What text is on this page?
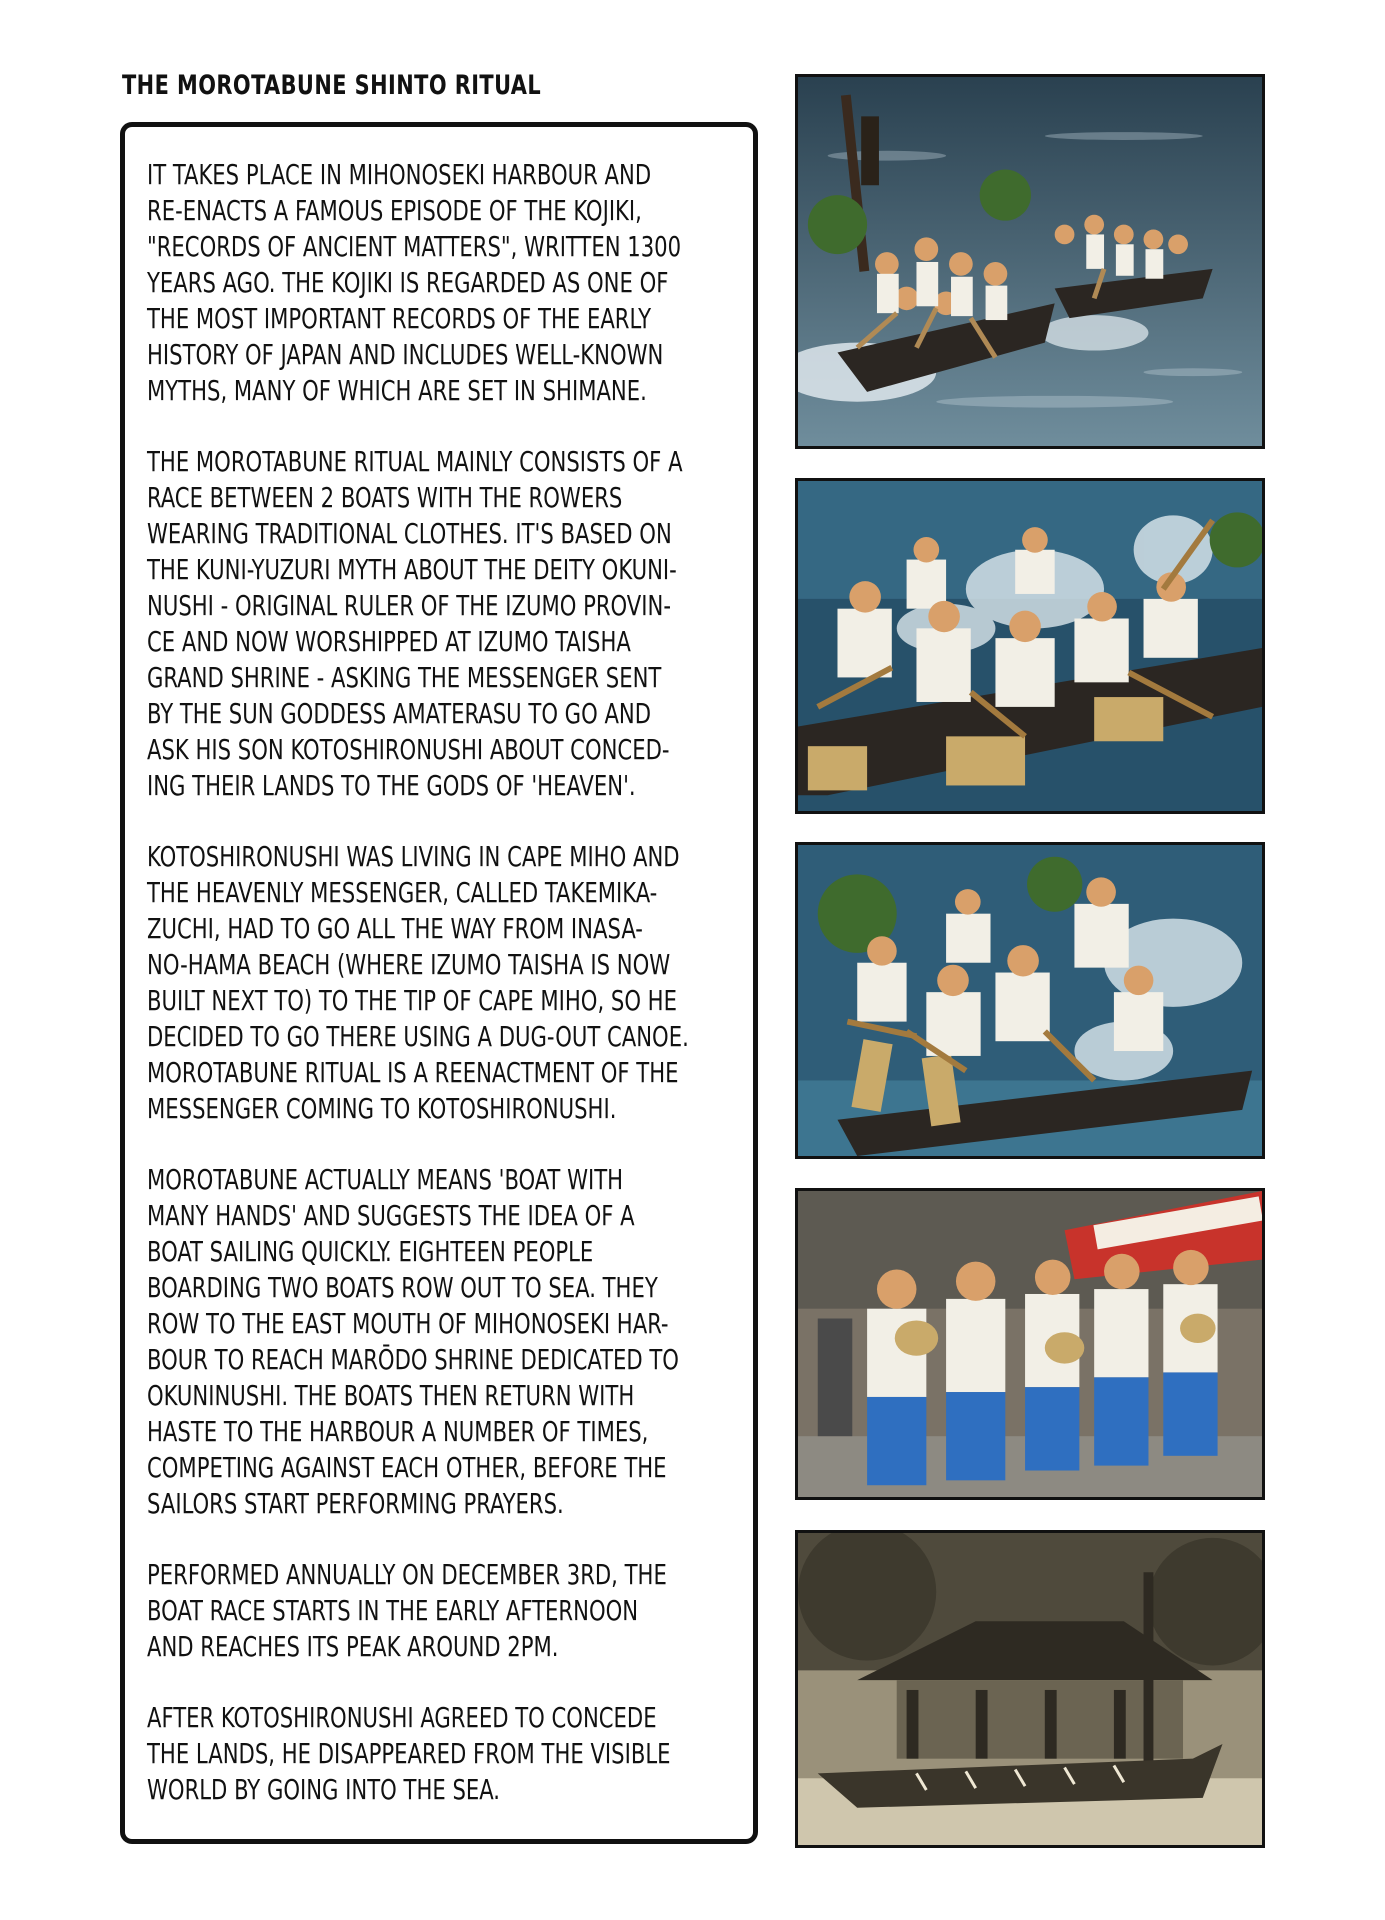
THE MOROTABUNE SHINTO RITUAL

IT TAKES PLACE IN MIHONOSEKI HARBOUR AND
RE-ENACTS A FAMOUS EPISODE OF THE KOJIKI,
"RECORDS OF ANCIENT MATTERS", WRITTEN 1300
YEARS AGO. THE KOJIKI IS REGARDED AS ONE OF
THE MOST IMPORTANT RECORDS OF THE EARLY
HISTORY OF JAPAN AND INCLUDES WELL-KNOWN
MYTHS, MANY OF WHICH ARE SET IN SHIMANE.

THE MOROTABUNE RITUAL MAINLY CONSISTS OF A
RACE BETWEEN 2 BOATS WITH THE ROWERS
WEARING TRADITIONAL CLOTHES. IT'S BASED ON
THE KUNI-YUZURI MYTH ABOUT THE DEITY OKUNI-
NUSHI - ORIGINAL RULER OF THE IZUMO PROVIN-
CE AND NOW WORSHIPPED AT IZUMO TAISHA
GRAND SHRINE - ASKING THE MESSENGER SENT
BY THE SUN GODDESS AMATERASU TO GO AND
ASK HIS SON KOTOSHIRONUSHI ABOUT CONCED-
ING THEIR LANDS TO THE GODS OF 'HEAVEN'.

KOTOSHIRONUSHI WAS LIVING IN CAPE MIHO AND
THE HEAVENLY MESSENGER, CALLED TAKEMIKA-
ZUCHI, HAD TO GO ALL THE WAY FROM INASA-
NO-HAMA BEACH (WHERE IZUMO TAISHA IS NOW
BUILT NEXT TO) TO THE TIP OF CAPE MIHO, SO HE
DECIDED TO GO THERE USING A DUG-OUT CANOE.
MOROTABUNE RITUAL IS A REENACTMENT OF THE
MESSENGER COMING TO KOTOSHIRONUSHI.

MOROTABUNE ACTUALLY MEANS 'BOAT WITH
MANY HANDS' AND SUGGESTS THE IDEA OF A
BOAT SAILING QUICKLY. EIGHTEEN PEOPLE
BOARDING TWO BOATS ROW OUT TO SEA. THEY
ROW TO THE EAST MOUTH OF MIHONOSEKI HAR-
BOUR TO REACH MARŌDO SHRINE DEDICATED TO
OKUNINUSHI. THE BOATS THEN RETURN WITH
HASTE TO THE HARBOUR A NUMBER OF TIMES,
COMPETING AGAINST EACH OTHER, BEFORE THE
SAILORS START PERFORMING PRAYERS.

PERFORMED ANNUALLY ON DECEMBER 3RD, THE
BOAT RACE STARTS IN THE EARLY AFTERNOON
AND REACHES ITS PEAK AROUND 2PM.

AFTER KOTOSHIRONUSHI AGREED TO CONCEDE
THE LANDS, HE DISAPPEARED FROM THE VISIBLE
WORLD BY GOING INTO THE SEA.
